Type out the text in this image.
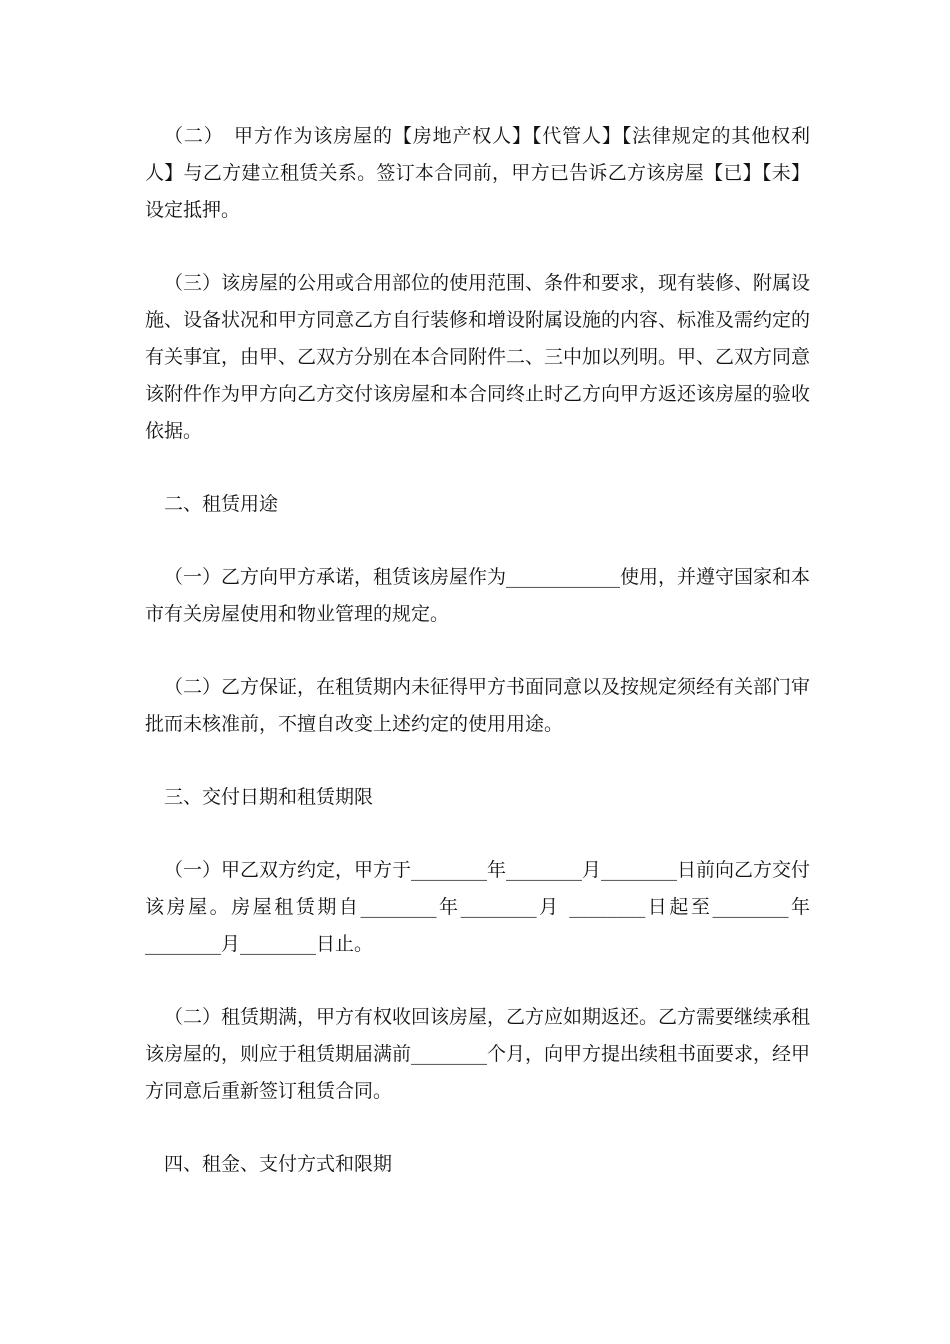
（二）　甲方作为该房屋的【房地产权人】【代管人】【法律规定的其他权利人】与乙方建立租赁关系。签订本合同前，甲方已告诉乙方该房屋【已】【未】设定抵押。

（三）该房屋的公用或合用部位的使用范围、条件和要求，现有装修、附属设施、设备状况和甲方同意乙方自行装修和增设附属设施的内容、标准及需约定的有关事宜，由甲、乙双方分别在本合同附件二、三中加以列明。甲、乙双方同意该附件作为甲方向乙方交付该房屋和本合同终止时乙方向甲方返还该房屋的验收依据。

二、租赁用途

（一）乙方向甲方承诺，租赁该房屋作为____________使用，并遵守国家和本市有关房屋使用和物业管理的规定。

（二）乙方保证，在租赁期内未征得甲方书面同意以及按规定须经有关部门审批而未核准前，不擅自改变上述约定的使用用途。

三、交付日期和租赁期限

（一）甲乙双方约定，甲方于________年________月________日前向乙方交付该房屋。房屋租赁期自________年________月 ________日起至________年________月________日止。

（二）租赁期满，甲方有权收回该房屋，乙方应如期返还。乙方需要继续承租该房屋的，则应于租赁期届满前________个月，向甲方提出续租书面要求，经甲方同意后重新签订租赁合同。

四、租金、支付方式和限期
